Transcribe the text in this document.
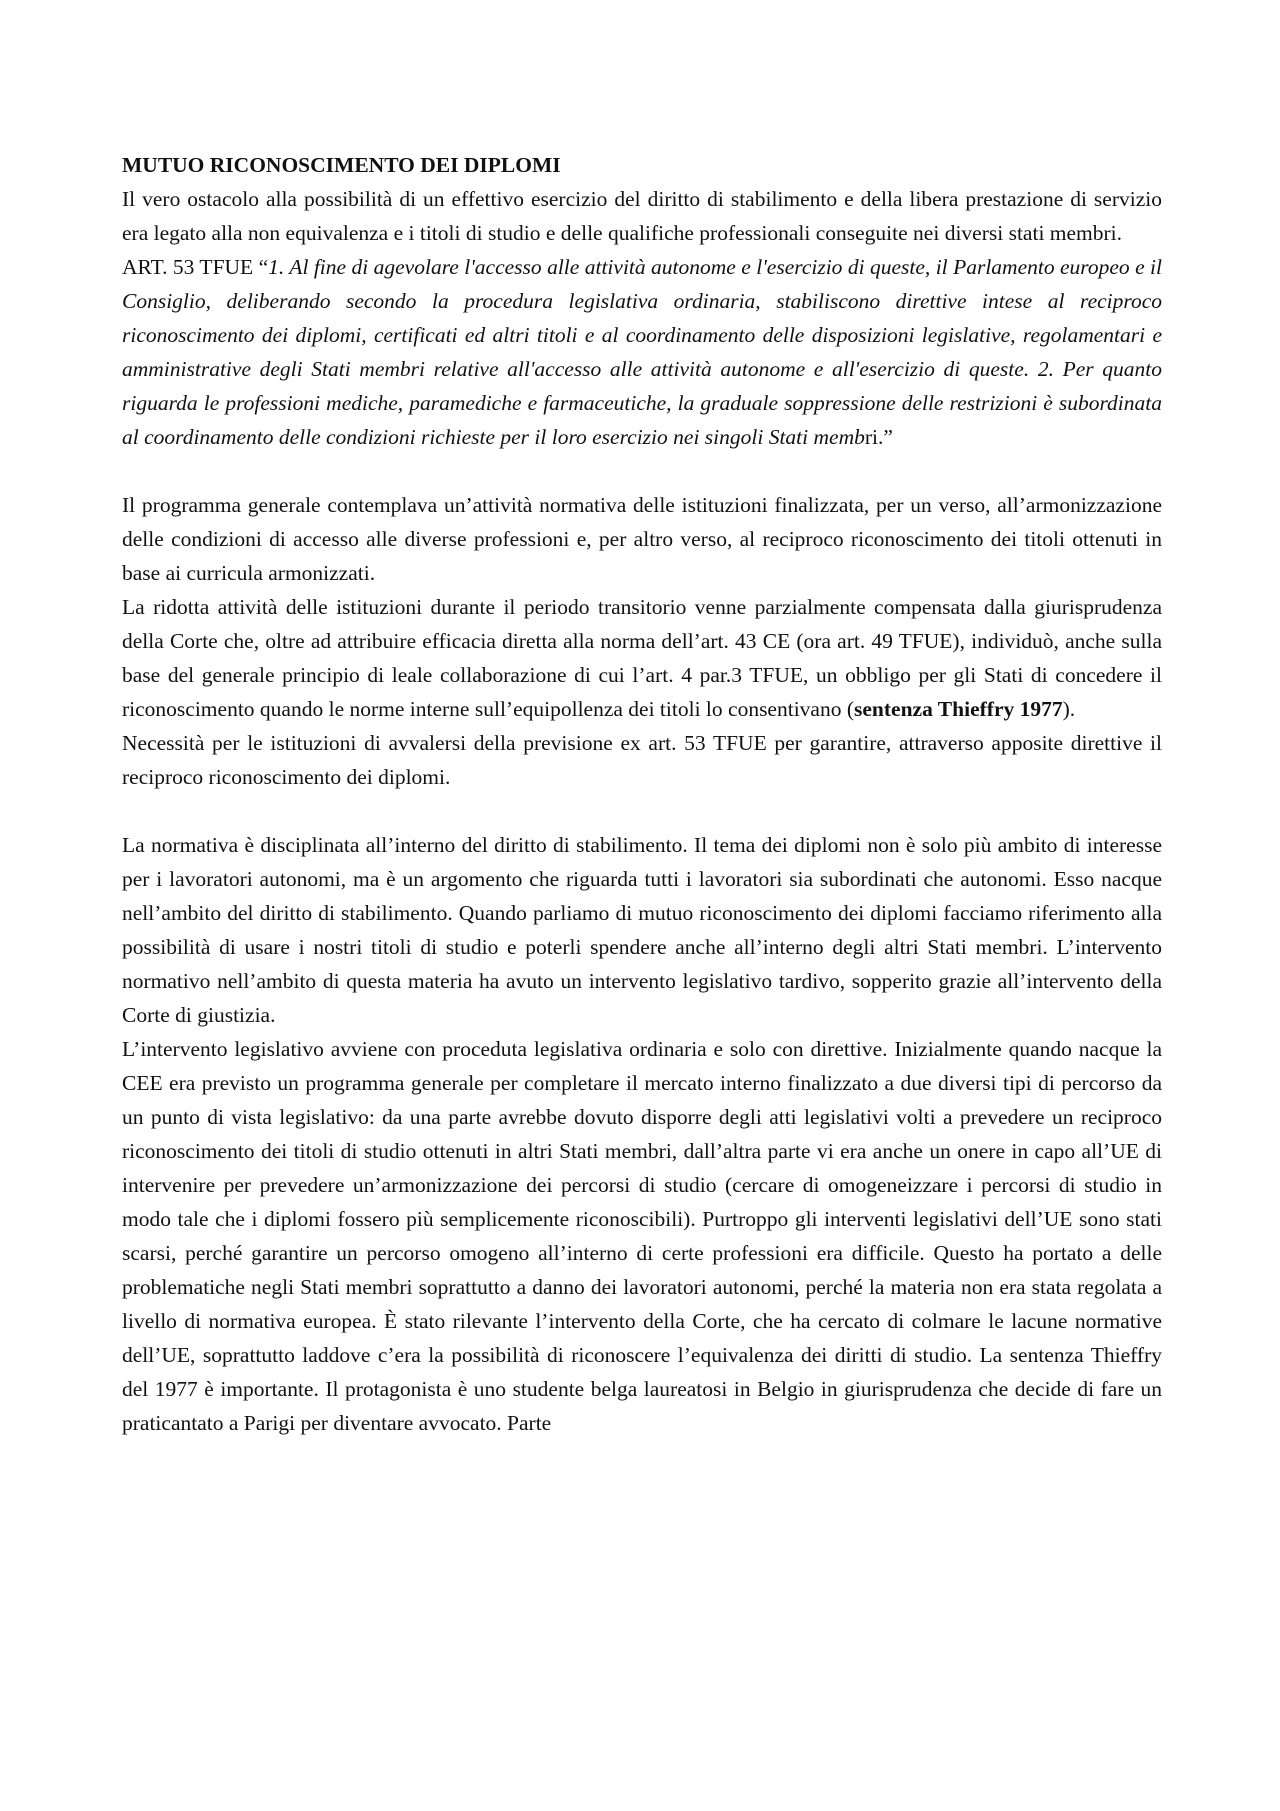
MUTUO RICONOSCIMENTO DEI DIPLOMI

Il vero ostacolo alla possibilità di un effettivo esercizio del diritto di stabilimento e della libera prestazione di servizio era legato alla non equivalenza e i titoli di studio e delle qualifiche professionali conseguite nei diversi stati membri.

ART. 53 TFUE “1. Al fine di agevolare l'accesso alle attività autonome e l'esercizio di queste, il Parlamento europeo e il Consiglio, deliberando secondo la procedura legislativa ordinaria, stabiliscono direttive intese al reciproco riconoscimento dei diplomi, certificati ed altri titoli e al coordinamento delle disposizioni legislative, regolamentari e amministrative degli Stati membri relative all'accesso alle attività autonome e all'esercizio di queste. 2. Per quanto riguarda le professioni mediche, paramediche e farmaceutiche, la graduale soppressione delle restrizioni è subordinata al coordinamento delle condizioni richieste per il loro esercizio nei singoli Stati membri.”

Il programma generale contemplava un’attività normativa delle istituzioni finalizzata, per un verso, all’armonizzazione delle condizioni di accesso alle diverse professioni e, per altro verso, al reciproco riconoscimento dei titoli ottenuti in base ai curricula armonizzati.

La ridotta attività delle istituzioni durante il periodo transitorio venne parzialmente compensata dalla giurisprudenza della Corte che, oltre ad attribuire efficacia diretta alla norma dell’art. 43 CE (ora art. 49 TFUE), individuò, anche sulla base del generale principio di leale collaborazione di cui l’art. 4 par.3 TFUE, un obbligo per gli Stati di concedere il riconoscimento quando le norme interne sull’equipollenza dei titoli lo consentivano (sentenza Thieffry 1977).

Necessità per le istituzioni di avvalersi della previsione ex art. 53 TFUE per garantire, attraverso apposite direttive il reciproco riconoscimento dei diplomi.

La normativa è disciplinata all’interno del diritto di stabilimento. Il tema dei diplomi non è solo più ambito di interesse per i lavoratori autonomi, ma è un argomento che riguarda tutti i lavoratori sia subordinati che autonomi. Esso nacque nell’ambito del diritto di stabilimento. Quando parliamo di mutuo riconoscimento dei diplomi facciamo riferimento alla possibilità di usare i nostri titoli di studio e poterli spendere anche all’interno degli altri Stati membri. L’intervento normativo nell’ambito di questa materia ha avuto un intervento legislativo tardivo, sopperito grazie all’intervento della Corte di giustizia.

L’intervento legislativo avviene con proceduta legislativa ordinaria e solo con direttive. Inizialmente quando nacque la CEE era previsto un programma generale per completare il mercato interno finalizzato a due diversi tipi di percorso da un punto di vista legislativo: da una parte avrebbe dovuto disporre degli atti legislativi volti a prevedere un reciproco riconoscimento dei titoli di studio ottenuti in altri Stati membri, dall’altra parte vi era anche un onere in capo all’UE di intervenire per prevedere un’armonizzazione dei percorsi di studio (cercare di omogeneizzare i percorsi di studio in modo tale che i diplomi fossero più semplicemente riconoscibili). Purtroppo gli interventi legislativi dell’UE sono stati scarsi, perché garantire un percorso omogeno all’interno di certe professioni era difficile. Questo ha portato a delle problematiche negli Stati membri soprattutto a danno dei lavoratori autonomi, perché la materia non era stata regolata a livello di normativa europea. È stato rilevante l’intervento della Corte, che ha cercato di colmare le lacune normative dell’UE, soprattutto laddove c’era la possibilità di riconoscere l’equivalenza dei diritti di studio. La sentenza Thieffry del 1977 è importante. Il protagonista è uno studente belga laureatosi in Belgio in giurisprudenza che decide di fare un praticantato a Parigi per diventare avvocato. Parte
